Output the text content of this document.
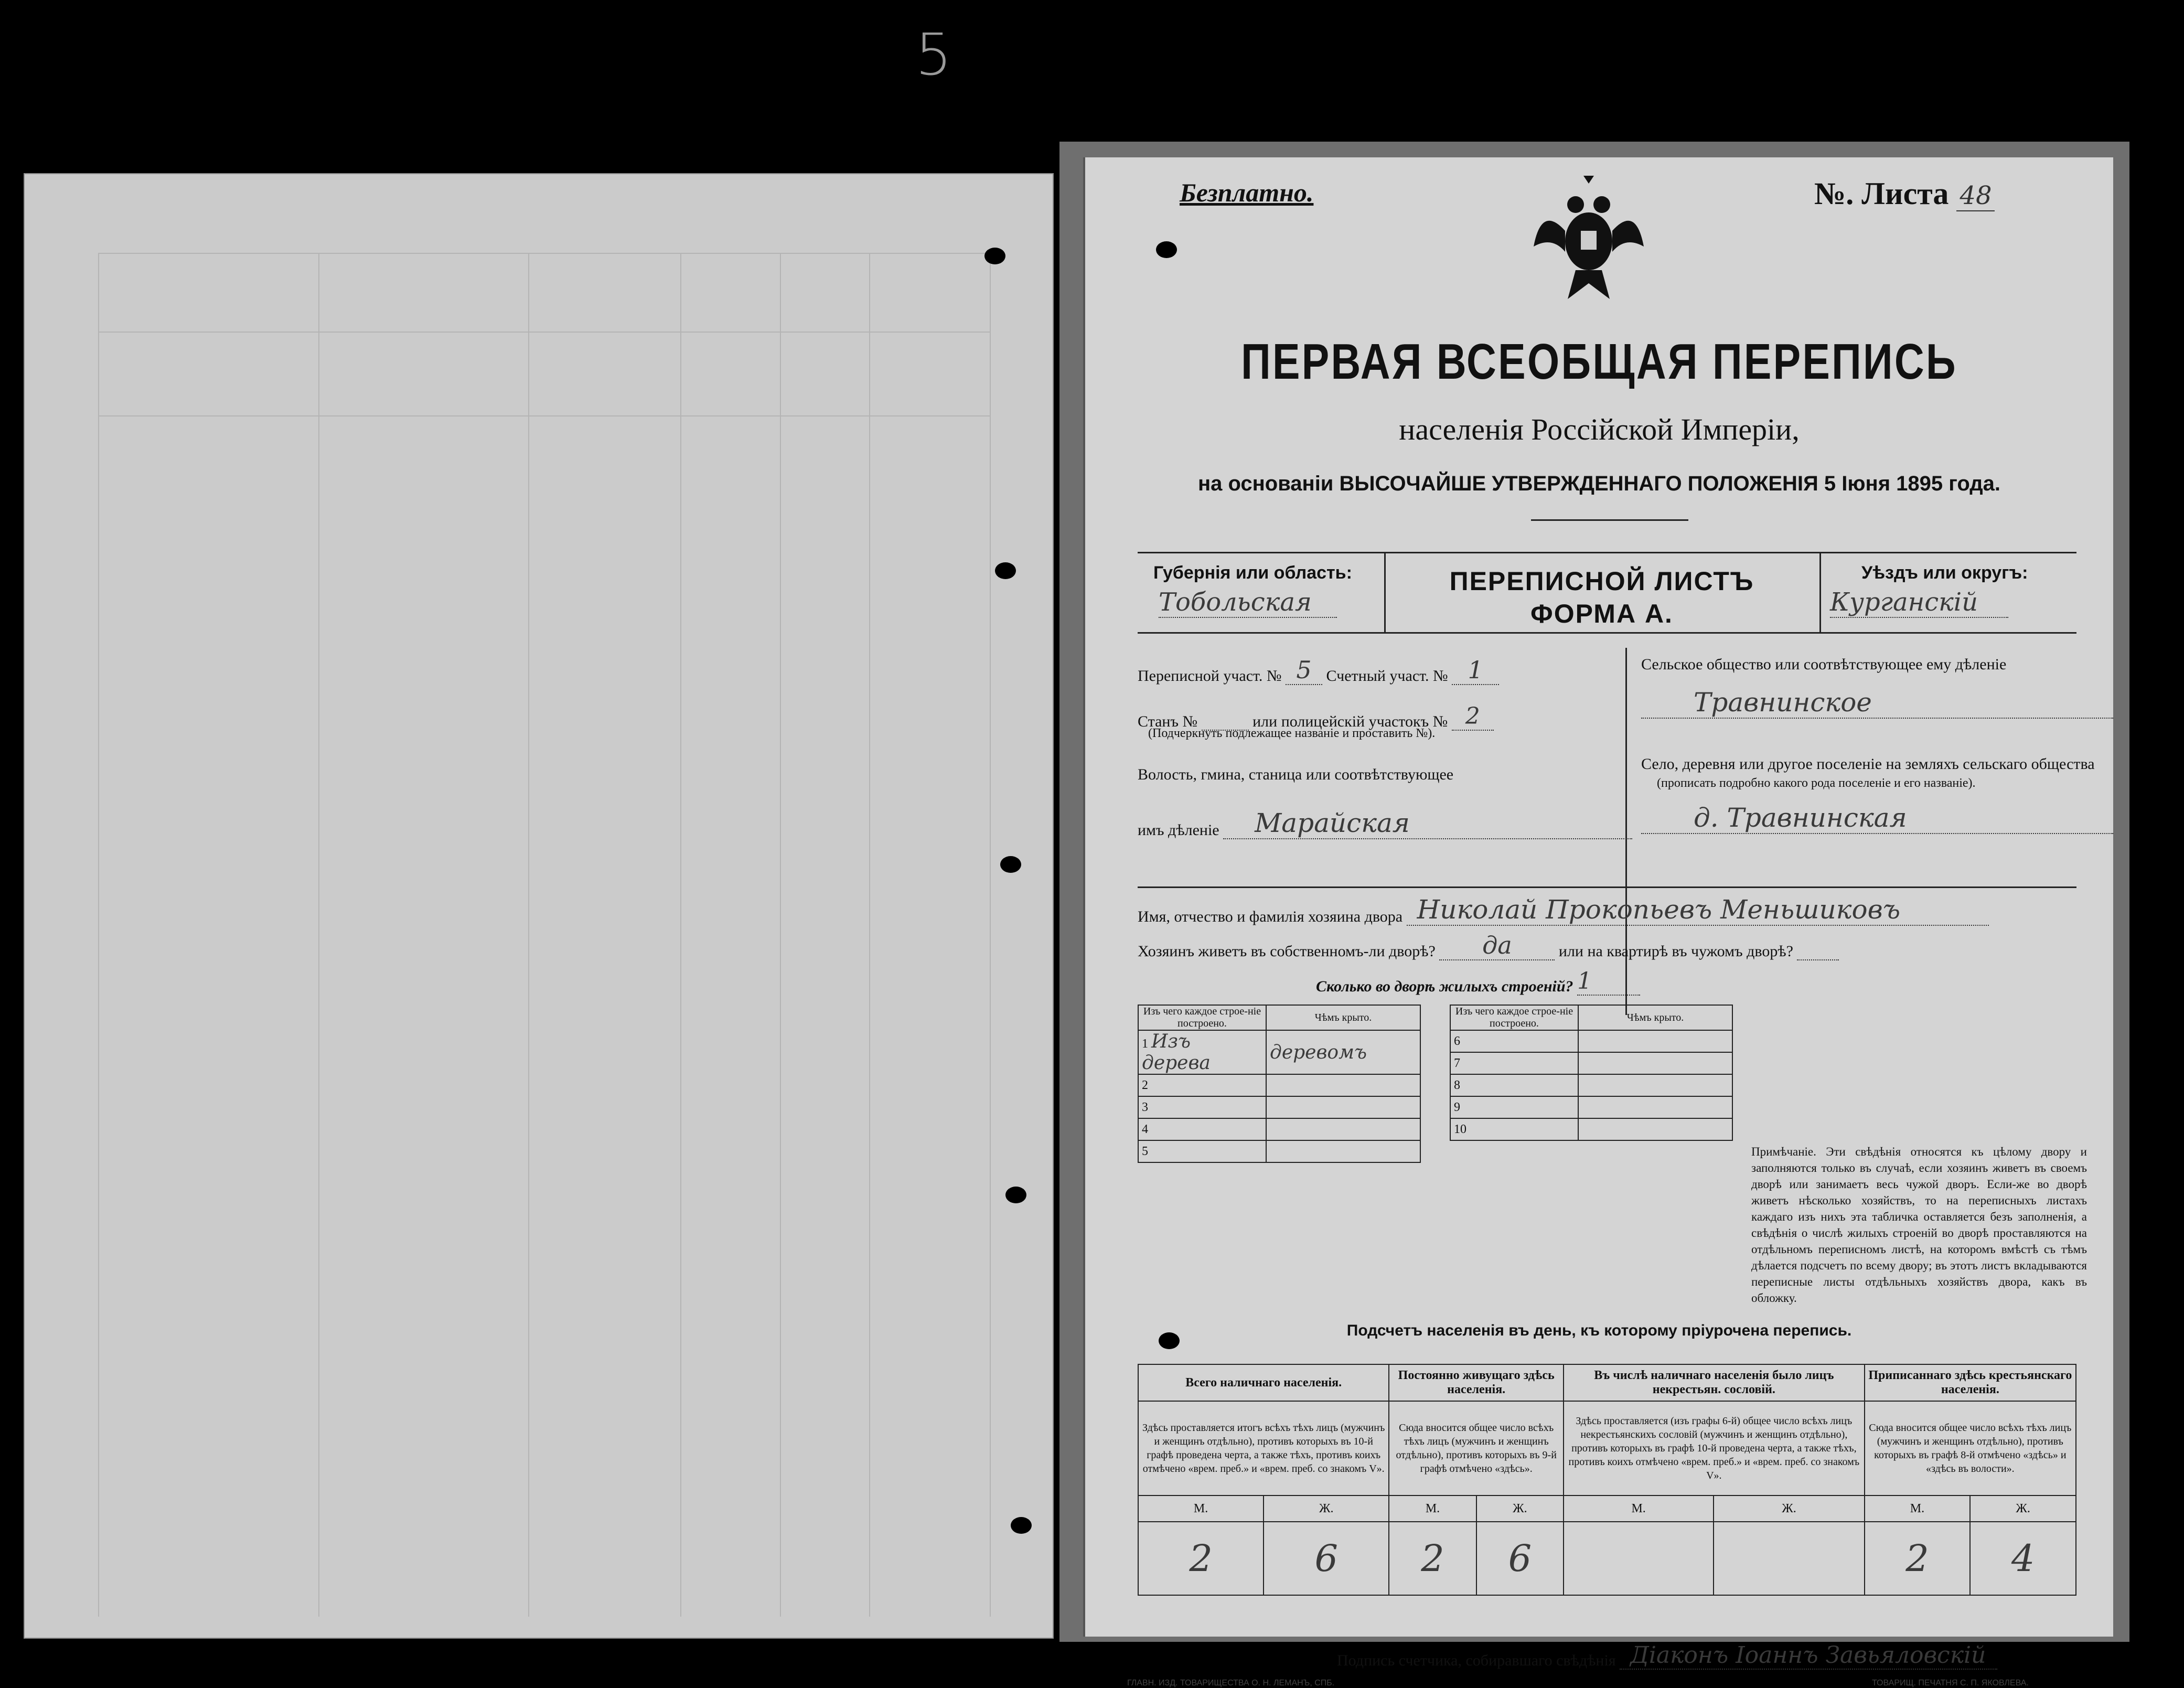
5
Безплатно.	№. Листа 48
ПЕРВАЯ ВСЕОБЩАЯ ПЕРЕПИСЬ
населенія Россійской Имперіи,
на основаніи ВЫСОЧАЙШЕ УТВЕРЖДЕННАГО ПОЛОЖЕНІЯ 5 Іюня 1895 года.
Губернія или область:
Тобольская
ПЕРЕПИСНОЙ ЛИСТЪ
ФОРМА А.
Уѣздъ или округъ:
Курганскій
Переписной участ. № 5 Счетный участ. № 1
Станъ №	или полицейскій участокъ № 2
(Подчеркнуть подлежащее названіе и проставить №).
Волость, гмина, станица или соотвѣтствующее
имъ дѣленіе Марайская
Сельское общество или соотвѣтствующее ему дѣленіе
Травнинское
Село, деревня или другое поселеніе на земляхъ сельскаго общества
(прописать подробно какого рода поселеніе и его названіе).
д. Травнинская
Имя, отчество и фамилія хозяина двора Николай Прокопьевъ Меньшиковъ
Хозяинъ живетъ въ собственномъ-ли дворѣ? да	или на квартирѣ въ чужомъ дворѣ?
Сколько во дворѣ жилыхъ строеній? 1
Изъ чего каждое строе-ніе построено.	Чѣмъ крыто.
1 Изъ дерева	деревомъ
2	
3	
4	
5	
Изъ чего каждое строе-ніе построено.	Чѣмъ крыто.
6	
7	
8	
9	
10	
Примѣчаніе. Эти свѣдѣнія относятся къ цѣлому двору и заполняются только въ случаѣ, если хозяинъ живетъ въ своемъ дворѣ или занимаетъ весь чужой дворъ. Если-же во дворѣ живетъ нѣсколько хозяйствъ, то на переписныхъ листахъ каждаго изъ нихъ эта табличка оставляется безъ заполненія, а свѣдѣнія о числѣ жилыхъ строеній во дворѣ проставляются на отдѣльномъ переписномъ листѣ, на которомъ вмѣстѣ съ тѣмъ дѣлается подсчетъ по всему двору; въ этотъ листъ вкладываются переписные листы отдѣльныхъ хозяйствъ двора, какъ въ обложку.
Подсчетъ населенія въ день, къ которому пріурочена перепись.
Всего наличнаго населенія.		Постоянно живущаго здѣсь населенія.		Въ числѣ наличнаго населенія было лицъ некрестьян. сословій.		Приписаннаго здѣсь крестьянскаго населенія.	
Здѣсь проставляется итогъ всѣхъ тѣхъ лицъ (мужчинъ и женщинъ отдѣльно), противъ которыхъ въ 10-й графѣ проведена черта, а также тѣхъ, противъ коихъ отмѣчено «врем. преб.» и «врем. преб. со знакомъ V».		Сюда вносится общее число всѣхъ тѣхъ лицъ (мужчинъ и женщинъ отдѣльно), противъ которыхъ въ 9-й графѣ отмѣчено «здѣсь».		Здѣсь проставляется (изъ графы 6-й) общее число всѣхъ лицъ некрестьянскихъ сословій (мужчинъ и женщинъ отдѣльно), противъ которыхъ въ графѣ 10-й проведена черта, а также тѣхъ, противъ коихъ отмѣчено «врем. преб.» и «врем. преб. со знакомъ V».		Сюда вносится общее число всѣхъ тѣхъ лицъ (мужчинъ и женщинъ отдѣльно), противъ которыхъ въ графѣ 8-й отмѣчено «здѣсь» и «здѣсь въ волости».	
М.	Ж.	М.	Ж.	М.	Ж.	М.	Ж.
2	6	2	6			2	4
Подпись счетчика, собиравшаго свѣдѣнія Діаконъ Іоаннъ Завьяловскій
ГЛАВН. ИЗД. ТОВАРИЩЕСТВА О. Н. ЛЕМАНЪ, СПБ.	ТОВАРИЩ. ПЕЧАТНЯ С. П. ЯКОВЛЕВА.
